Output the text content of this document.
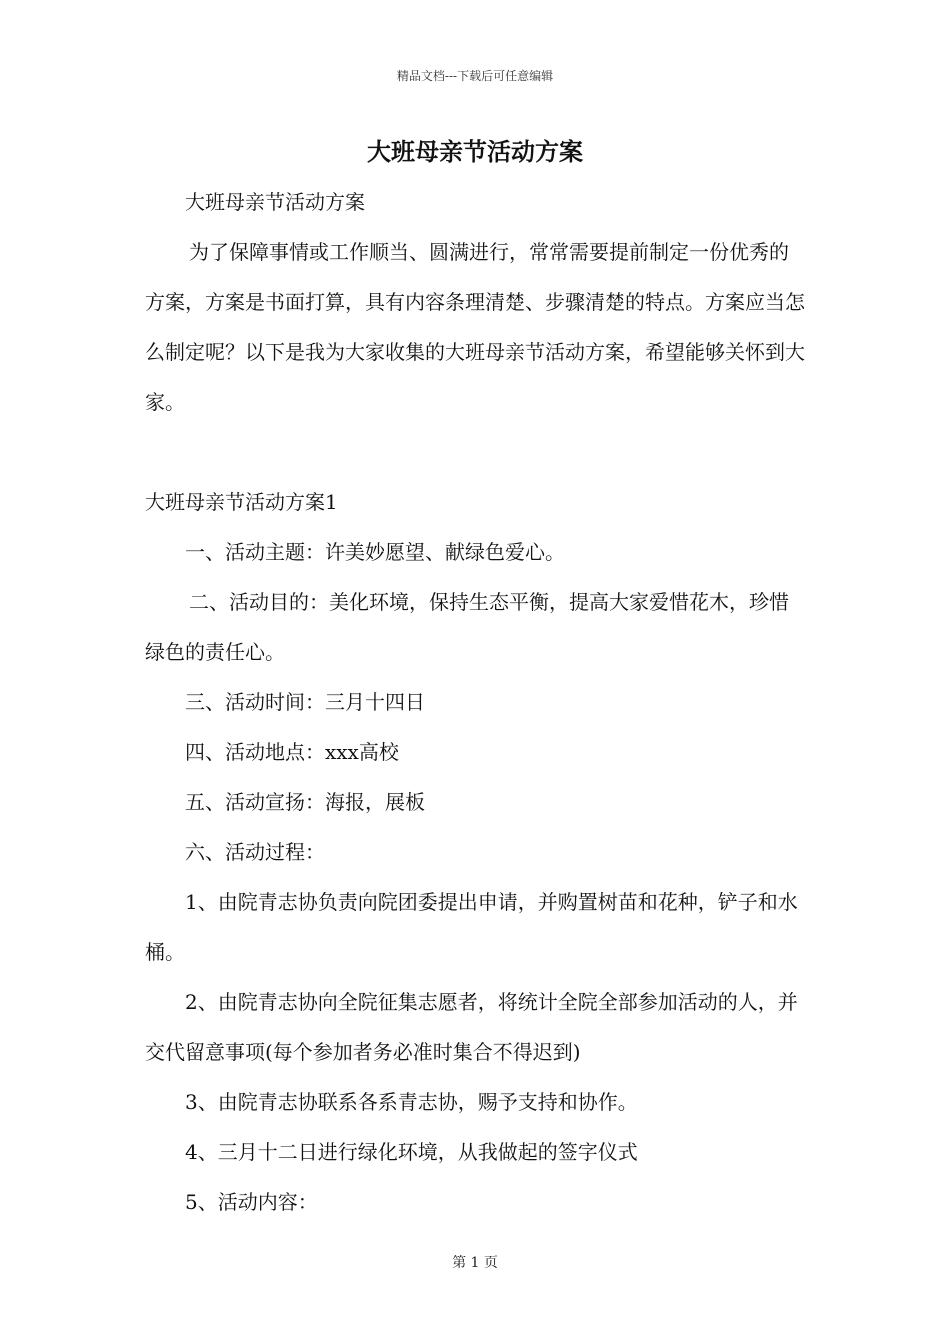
精品文档---下载后可任意编辑
大班母亲节活动方案

大班母亲节活动方案

为了保障事情或工作顺当、圆满进行，常常需要提前制定一份优秀的方案，方案是书面打算，具有内容条理清楚、步骤清楚的特点。方案应当怎么制定呢？以下是我为大家收集的大班母亲节活动方案，希望能够关怀到大家。

大班母亲节活动方案1

一、活动主题：许美妙愿望、献绿色爱心。

二、活动目的：美化环境，保持生态平衡，提高大家爱惜花木，珍惜绿色的责任心。

三、活动时间：三月十四日

四、活动地点：xxx高校

五、活动宣扬：海报，展板

六、活动过程：

1、由院青志协负责向院团委提出申请，并购置树苗和花种，铲子和水桶。

2、由院青志协向全院征集志愿者，将统计全院全部参加活动的人，并交代留意事项(每个参加者务必准时集合不得迟到)

3、由院青志协联系各系青志协，赐予支持和协作。

4、三月十二日进行绿化环境，从我做起的签字仪式

5、活动内容：

第 1 页
